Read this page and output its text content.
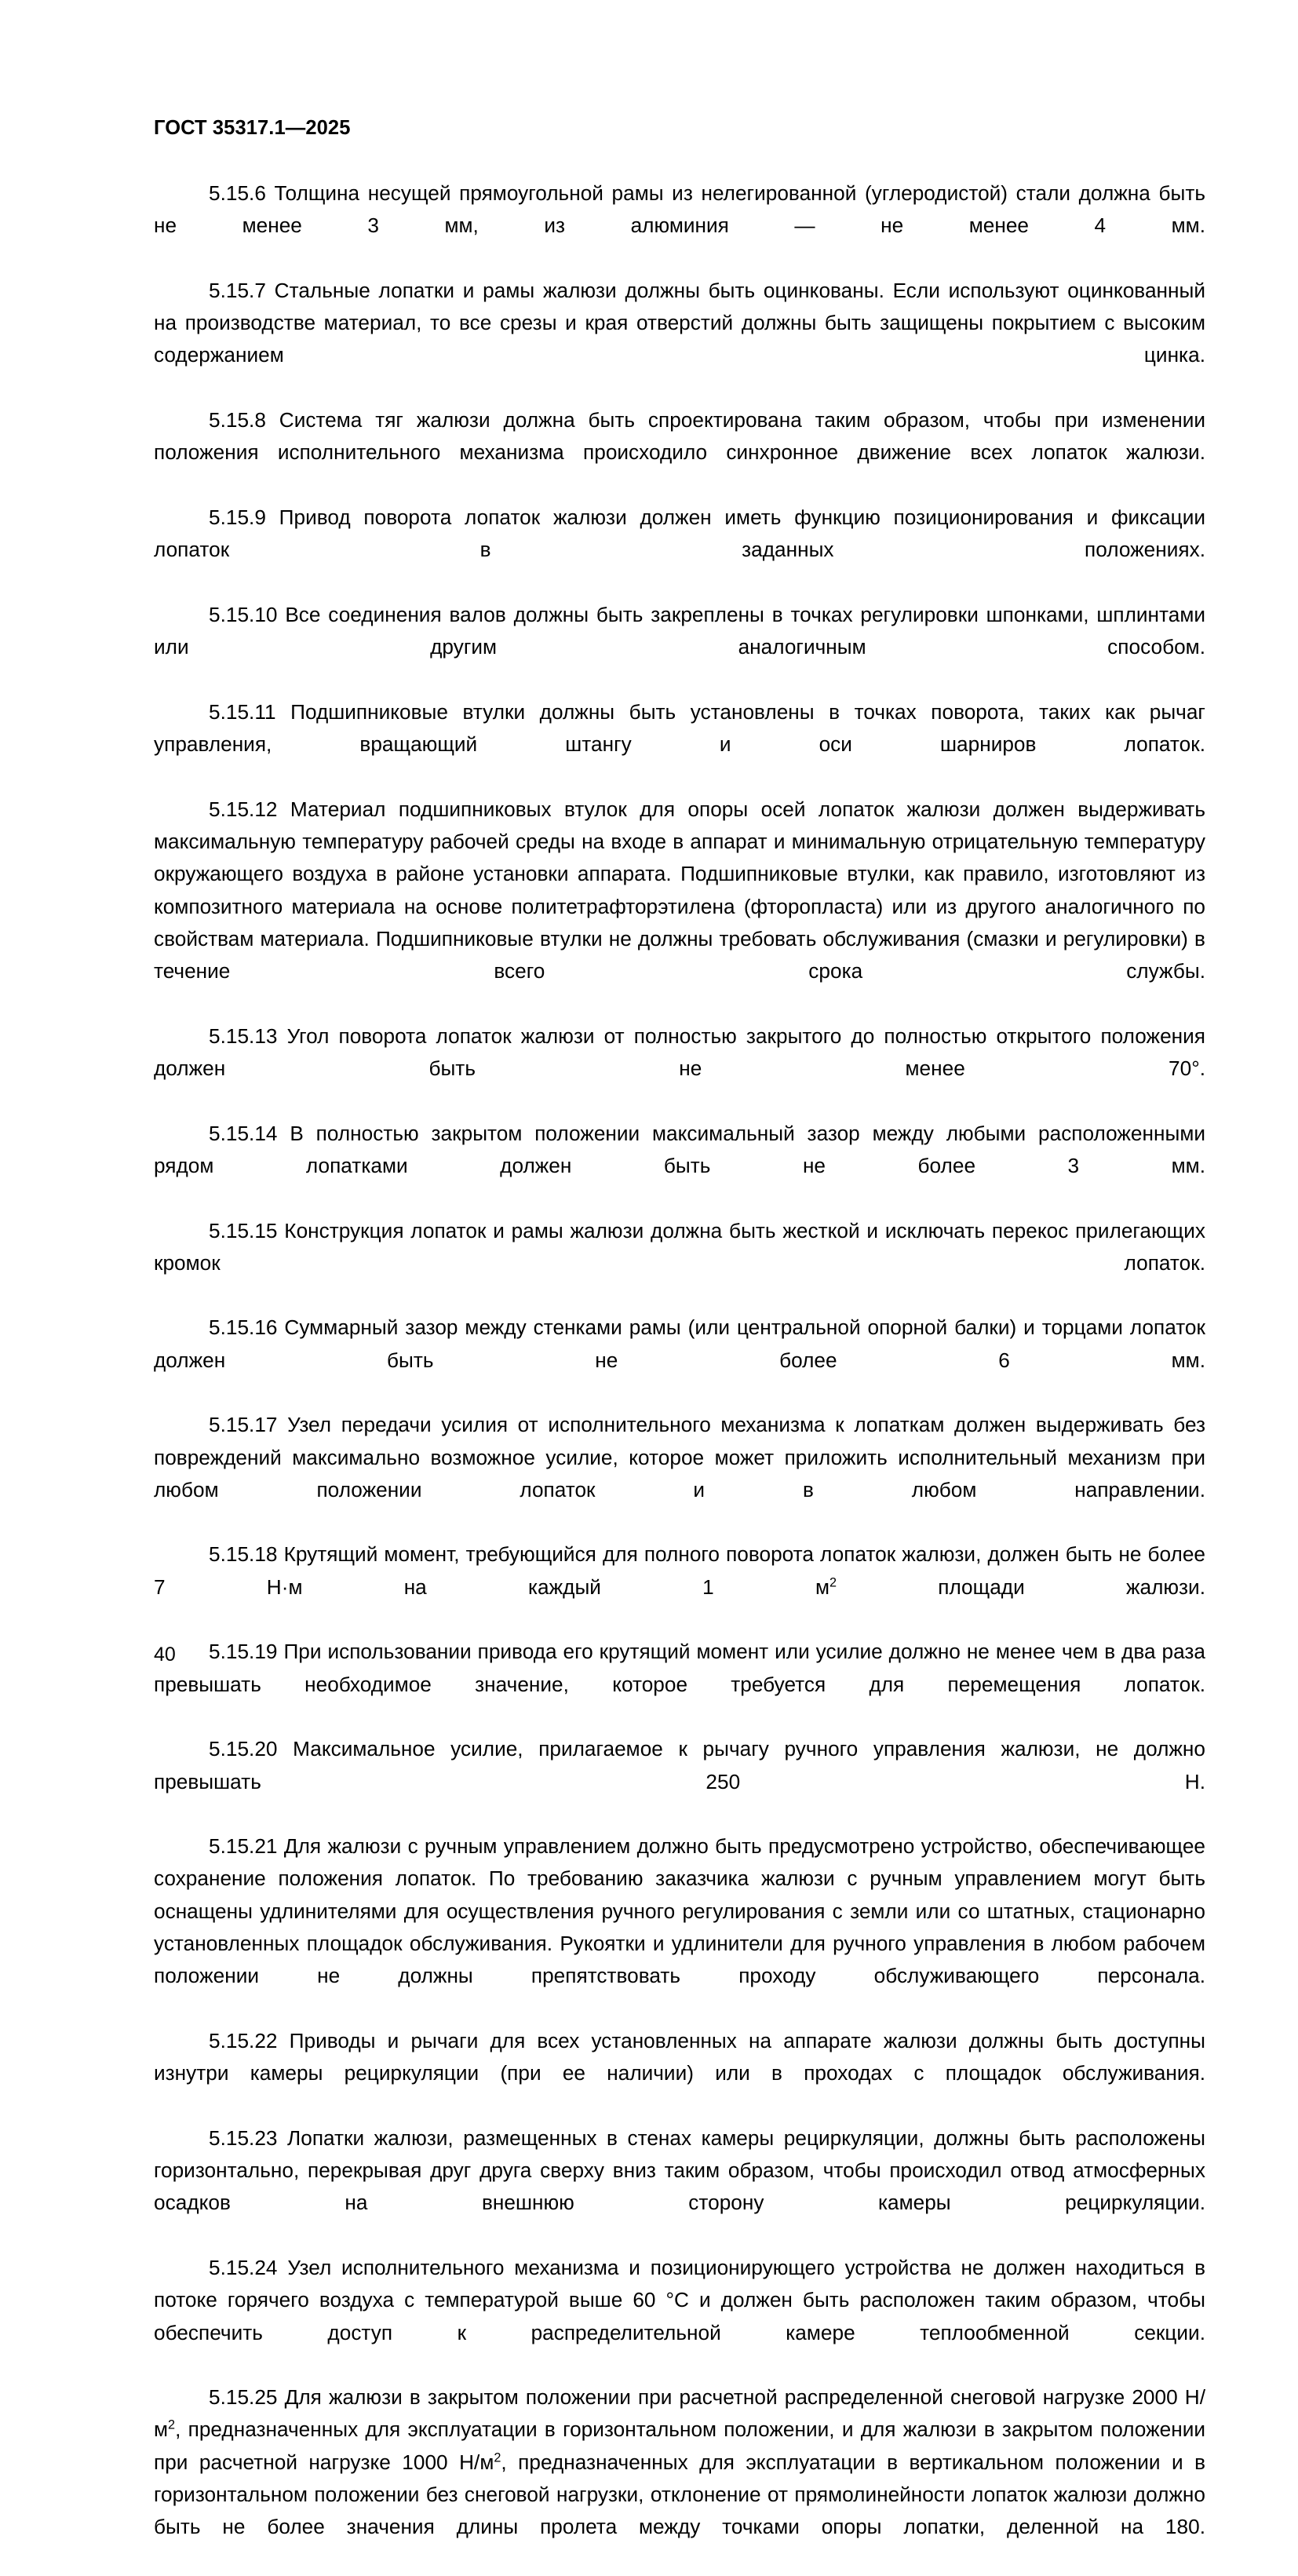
ГОСТ 35317.1—2025

5.15.6 Толщина несущей прямоугольной рамы из нелегированной (углеродистой) стали должна быть не менее 3 мм, из алюминия — не менее 4 мм.

5.15.7 Стальные лопатки и рамы жалюзи должны быть оцинкованы. Если используют оцинкованный на производстве материал, то все срезы и края отверстий должны быть защищены покрытием с высоким содержанием цинка.

5.15.8 Система тяг жалюзи должна быть спроектирована таким образом, чтобы при изменении положения исполнительного механизма происходило синхронное движение всех лопаток жалюзи.

5.15.9 Привод поворота лопаток жалюзи должен иметь функцию позиционирования и фиксации лопаток в заданных положениях.

5.15.10 Все соединения валов должны быть закреплены в точках регулировки шпонками, шплинтами или другим аналогичным способом.

5.15.11 Подшипниковые втулки должны быть установлены в точках поворота, таких как рычаг управления, вращающий штангу и оси шарниров лопаток.

5.15.12 Материал подшипниковых втулок для опоры осей лопаток жалюзи должен выдерживать максимальную температуру рабочей среды на входе в аппарат и минимальную отрицательную температуру окружающего воздуха в районе установки аппарата. Подшипниковые втулки, как правило, изготовляют из композитного материала на основе политетрафторэтилена (фторопласта) или из другого аналогичного по свойствам материала. Подшипниковые втулки не должны требовать обслуживания (смазки и регулировки) в течение всего срока службы.

5.15.13 Угол поворота лопаток жалюзи от полностью закрытого до полностью открытого положения должен быть не менее 70°.

5.15.14 В полностью закрытом положении максимальный зазор между любыми расположенными рядом лопатками должен быть не более 3 мм.

5.15.15 Конструкция лопаток и рамы жалюзи должна быть жесткой и исключать перекос прилегающих кромок лопаток.

5.15.16 Суммарный зазор между стенками рамы (или центральной опорной балки) и торцами лопаток должен быть не более 6 мм.

5.15.17 Узел передачи усилия от исполнительного механизма к лопаткам должен выдерживать без повреждений максимально возможное усилие, которое может приложить исполнительный механизм при любом положении лопаток и в любом направлении.

5.15.18 Крутящий момент, требующийся для полного поворота лопаток жалюзи, должен быть не более 7 Н·м на каждый 1 $м^2$ площади жалюзи.

5.15.19 При использовании привода его крутящий момент или усилие должно не менее чем в два раза превышать необходимое значение, которое требуется для перемещения лопаток.

5.15.20 Максимальное усилие, прилагаемое к рычагу ручного управления жалюзи, не должно превышать 250 Н.

5.15.21 Для жалюзи с ручным управлением должно быть предусмотрено устройство, обеспечивающее сохранение положения лопаток. По требованию заказчика жалюзи с ручным управлением могут быть оснащены удлинителями для осуществления ручного регулирования с земли или со штатных, стационарно установленных площадок обслуживания. Рукоятки и удлинители для ручного управления в любом рабочем положении не должны препятствовать проходу обслуживающего персонала.

5.15.22 Приводы и рычаги для всех установленных на аппарате жалюзи должны быть доступны изнутри камеры рециркуляции (при ее наличии) или в проходах с площадок обслуживания.

5.15.23 Лопатки жалюзи, размещенных в стенах камеры рециркуляции, должны быть расположены горизонтально, перекрывая друг друга сверху вниз таким образом, чтобы происходил отвод атмосферных осадков на внешнюю сторону камеры рециркуляции.

5.15.24 Узел исполнительного механизма и позиционирующего устройства не должен находиться в потоке горячего воздуха с температурой выше 60 °C и должен быть расположен таким образом, чтобы обеспечить доступ к распределительной камере теплообменной секции.

5.15.25 Для жалюзи в закрытом положении при расчетной распределенной снеговой нагрузке 2000 $Н/м^2$, предназначенных для эксплуатации в горизонтальном положении, и для жалюзи в закрытом положении при расчетной нагрузке 1000 $Н/м^2$, предназначенных для эксплуатации в вертикальном положении и в горизонтальном положении без снеговой нагрузки, отклонение от прямолинейности лопаток жалюзи должно быть не более значения длины пролета между точками опоры лопатки, деленной на 180.

40
